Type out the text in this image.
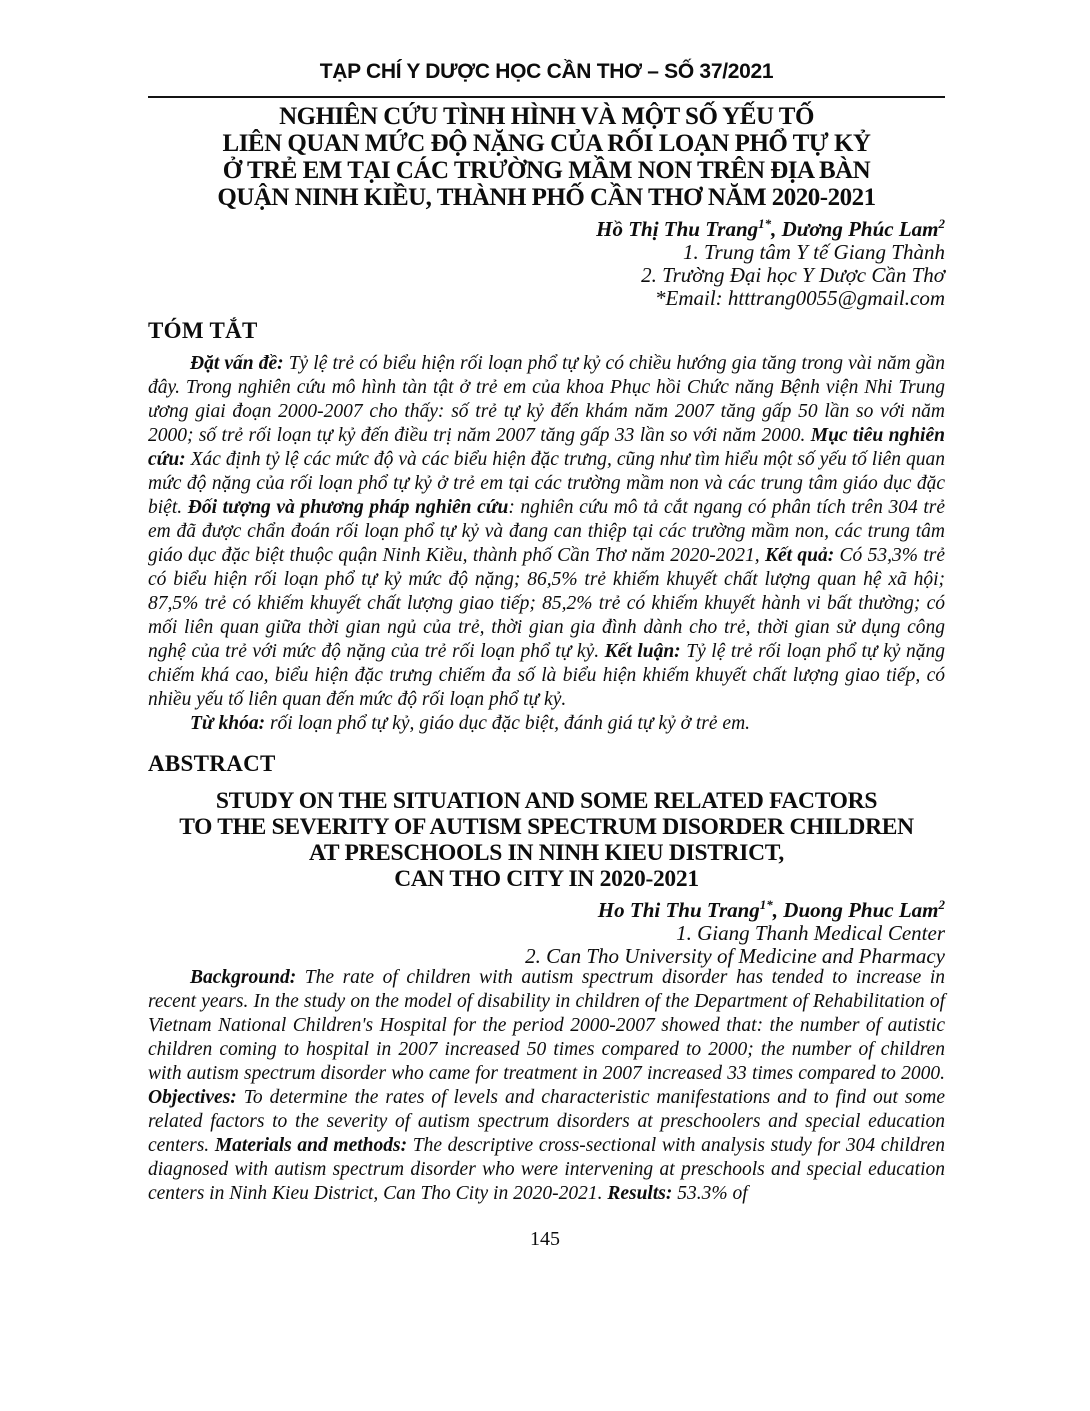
TẠP CHÍ Y DƯỢC HỌC CẦN THƠ – SỐ 37/2021
NGHIÊN CỨU TÌNH HÌNH VÀ MỘT SỐ YẾU TỐ
LIÊN QUAN MỨC ĐỘ NẶNG CỦA RỐI LOẠN PHỔ TỰ KỶ
Ở TRẺ EM TẠI CÁC TRƯỜNG MẦM NON TRÊN ĐỊA BÀN
QUẬN NINH KIỀU, THÀNH PHỐ CẦN THƠ NĂM 2020-2021
Hồ Thị Thu Trang$^{1*}$, Dương Phúc Lam$^2$
1. Trung tâm Y tế Giang Thành
2. Trường Đại học Y Dược Cần Thơ
*Email: htttrang0055@gmail.com
TÓM TẮT

Đặt vấn đề: Tỷ lệ trẻ có biểu hiện rối loạn phổ tự kỷ có chiều hướng gia tăng trong vài năm gần đây. Trong nghiên cứu mô hình tàn tật ở trẻ em của khoa Phục hồi Chức năng Bệnh viện Nhi Trung ương giai đoạn 2000-2007 cho thấy: số trẻ tự kỷ đến khám năm 2007 tăng gấp 50 lần so với năm 2000; số trẻ rối loạn tự kỷ đến điều trị năm 2007 tăng gấp 33 lần so với năm 2000. Mục tiêu nghiên cứu: Xác định tỷ lệ các mức độ và các biểu hiện đặc trưng, cũng như tìm hiểu một số yếu tố liên quan mức độ nặng của rối loạn phổ tự kỷ ở trẻ em tại các trường mầm non và các trung tâm giáo dục đặc biệt. Đối tượng và phương pháp nghiên cứu: nghiên cứu mô tả cắt ngang có phân tích trên 304 trẻ em đã được chẩn đoán rối loạn phổ tự kỷ và đang can thiệp tại các trường mầm non, các trung tâm giáo dục đặc biệt thuộc quận Ninh Kiều, thành phố Cần Thơ năm 2020-2021, Kết quả: Có 53,3% trẻ có biểu hiện rối loạn phổ tự kỷ mức độ nặng; 86,5% trẻ khiếm khuyết chất lượng quan hệ xã hội; 87,5% trẻ có khiếm khuyết chất lượng giao tiếp; 85,2% trẻ có khiếm khuyết hành vi bất thường; có mối liên quan giữa thời gian ngủ của trẻ, thời gian gia đình dành cho trẻ, thời gian sử dụng công nghệ của trẻ với mức độ nặng của trẻ rối loạn phổ tự kỷ. Kết luận: Tỷ lệ trẻ rối loạn phổ tự kỷ nặng chiếm khá cao, biểu hiện đặc trưng chiếm đa số là biểu hiện khiếm khuyết chất lượng giao tiếp, có nhiều yếu tố liên quan đến mức độ rối loạn phổ tự kỷ.

Từ khóa: rối loạn phổ tự kỷ, giáo dục đặc biệt, đánh giá tự kỷ ở trẻ em.

ABSTRACT
STUDY ON THE SITUATION AND SOME RELATED FACTORS
TO THE SEVERITY OF AUTISM SPECTRUM DISORDER CHILDREN
AT PRESCHOOLS IN NINH KIEU DISTRICT,
CAN THO CITY IN 2020-2021
Ho Thi Thu Trang$^{1*}$, Duong Phuc Lam$^2$
1. Giang Thanh Medical Center
2. Can Tho University of Medicine and Pharmacy

Background: The rate of children with autism spectrum disorder has tended to increase in recent years. In the study on the model of disability in children of the Department of Rehabilitation of Vietnam National Children's Hospital for the period 2000-2007 showed that: the number of autistic children coming to hospital in 2007 increased 50 times compared to 2000; the number of children with autism spectrum disorder who came for treatment in 2007 increased 33 times compared to 2000. Objectives: To determine the rates of levels and characteristic manifestations and to find out some related factors to the severity of autism spectrum disorders at preschoolers and special education centers. Materials and methods: The descriptive cross-sectional with analysis study for 304 children diagnosed with autism spectrum disorder who were intervening at preschools and special education centers in Ninh Kieu District, Can Tho City in 2020-2021. Results: 53.3% of

145
